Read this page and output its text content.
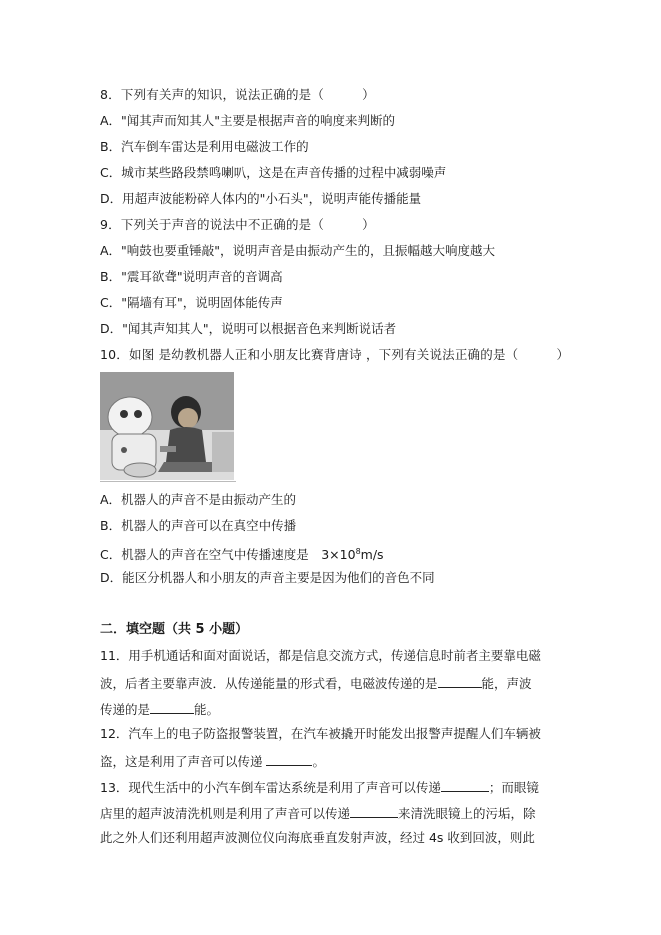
8．下列有关声的知识，说法正确的是（　　　）
A．"闻其声而知其人"主要是根据声音的响度来判断的
B．汽车倒车雷达是利用电磁波工作的
C．城市某些路段禁鸣喇叭，这是在声音传播的过程中减弱噪声
D．用超声波能粉碎人体内的"小石头"，说明声能传播能量
9．下列关于声音的说法中不正确的是（　　　）
A．"响鼓也要重锤敲"，说明声音是由振动产生的，且振幅越大响度越大
B．"震耳欲聋"说明声音的音调高
C．"隔墙有耳"，说明固体能传声
D．"闻其声知其人"，说明可以根据音色来判断说话者
10．如图 是幼教机器人正和小朋友比赛背唐诗 ，下列有关说法正确的是（　　　）
A．机器人的声音不是由振动产生的
B．机器人的声音可以在真空中传播
C．机器人的声音在空气中传播速度是　$3\times 10^8m/s$
D．能区分机器人和小朋友的声音主要是因为他们的音色不同
二．填空题（共 5 小题）
11．用手机通话和面对面说话，都是信息交流方式，传递信息时前者主要靠电磁
波，后者主要靠声波．从传递能量的形式看，电磁波传递的是	能，声波
传递的是	能。
12．汽车上的电子防盗报警装置，在汽车被撬开时能发出报警声提醒人们车辆被
盗，这是利用了声音可以传递	。
13．现代生活中的小汽车倒车雷达系统是利用了声音可以传递	；而眼镜
店里的超声波清洗机则是利用了声音可以传递	来清洗眼镜上的污垢，除
此之外人们还利用超声波测位仪向海底垂直发射声波，经过 4s 收到回波，则此
